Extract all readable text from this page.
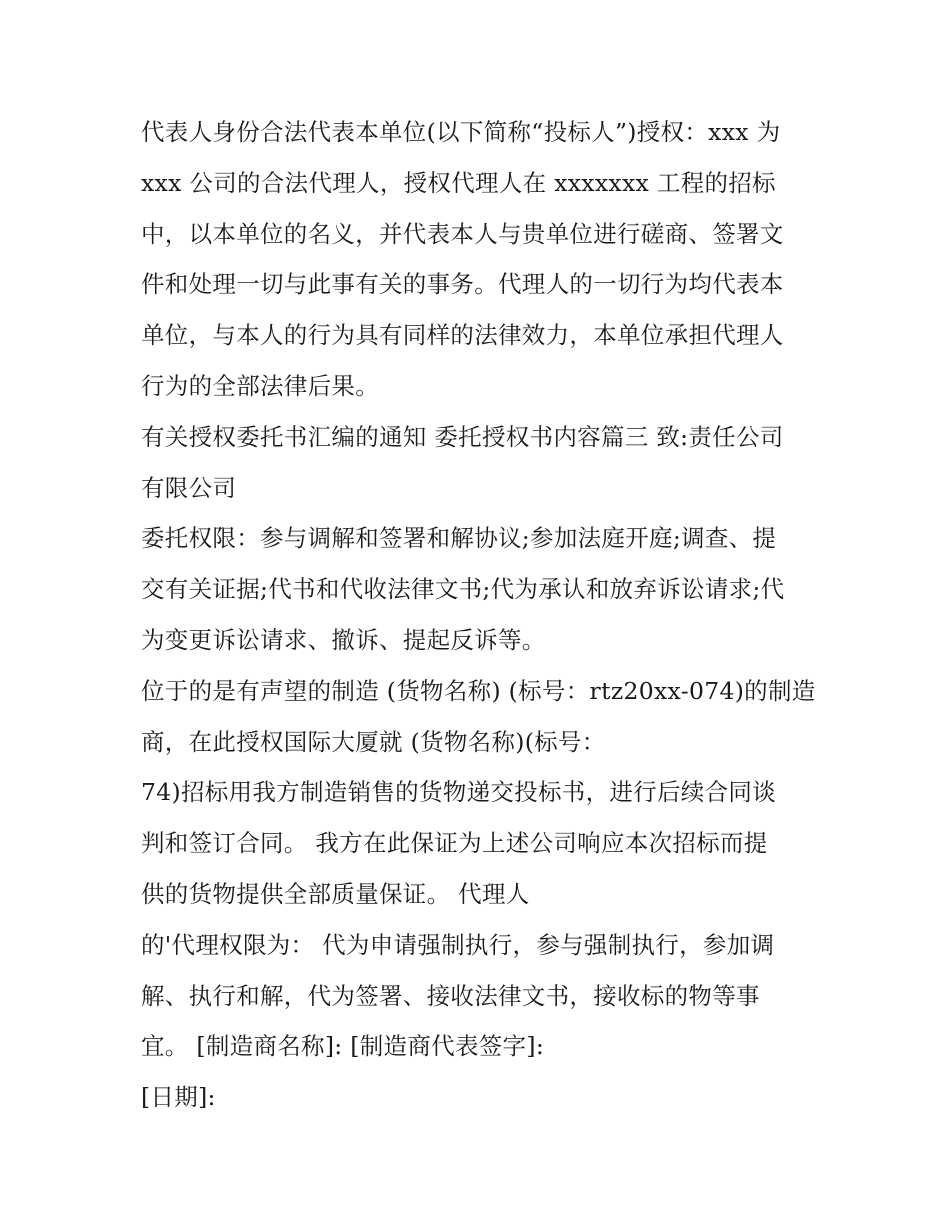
代表人身份合法代表本单位(以下简称“投标人”)授权：xxx 为
xxx 公司的合法代理人，授权代理人在 xxxxxxx 工程的招标
中，以本单位的名义，并代表本人与贵单位进行磋商、签署文
件和处理一切与此事有关的事务。代理人的一切行为均代表本
单位，与本人的行为具有同样的法律效力，本单位承担代理人
行为的全部法律后果。
有关授权委托书汇编的通知 委托授权书内容篇三 致:责任公司
有限公司
委托权限：参与调解和签署和解协议;参加法庭开庭;调查、提
交有关证据;代书和代收法律文书;代为承认和放弃诉讼请求;代
为变更诉讼请求、撤诉、提起反诉等。
位于的是有声望的制造 (货物名称) (标号：rtz20xx-074)的制造
商，在此授权国际大厦就 (货物名称)(标号：
74)招标用我方制造销售的货物递交投标书，进行后续合同谈
判和签订合同。 我方在此保证为上述公司响应本次招标而提
供的货物提供全部质量保证。 代理人
的'代理权限为： 代为申请强制执行，参与强制执行，参加调
解、执行和解，代为签署、接收法律文书，接收标的物等事
宜。 [制造商名称]: [制造商代表签字]:
[日期]:
